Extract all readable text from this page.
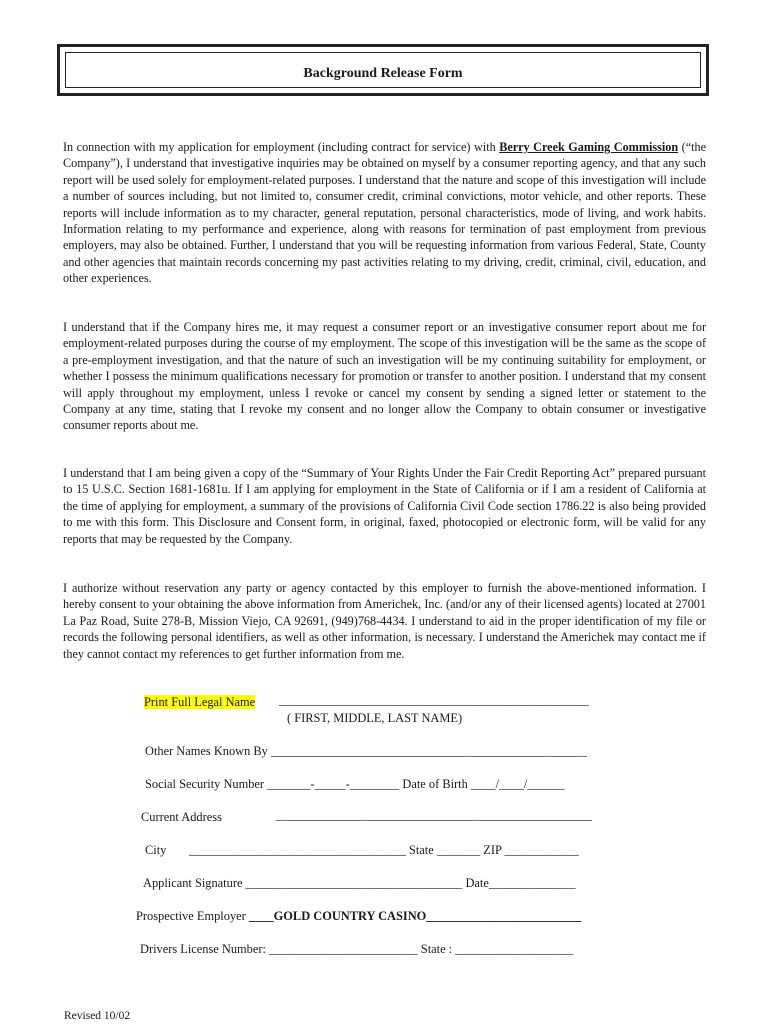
Background Release Form

In connection with my application for employment (including contract for service) with Berry Creek Gaming Commission (“the Company”), I understand that investigative inquiries may be obtained on myself by a consumer reporting agency, and that any such report will be used solely for employment-related purposes. I understand that the nature and scope of this investigation will include a number of sources including, but not limited to, consumer credit, criminal convictions, motor vehicle, and other reports. These reports will include information as to my character, general reputation, personal characteristics, mode of living, and work habits. Information relating to my performance and experience, along with reasons for termination of past employment from previous employers, may also be obtained. Further, I understand that you will be requesting information from various Federal, State, County and other agencies that maintain records concerning my past activities relating to my driving, credit, criminal, civil, education, and other experiences.

I understand that if the Company hires me, it may request a consumer report or an investigative consumer report about me for employment-related purposes during the course of my employment. The scope of this investigation will be the same as the scope of a pre-employment investigation, and that the nature of such an investigation will be my continuing suitability for employment, or whether I possess the minimum qualifications necessary for promotion or transfer to another position. I understand that my consent will apply throughout my employment, unless I revoke or cancel my consent by sending a signed letter or statement to the Company at any time, stating that I revoke my consent and no longer allow the Company to obtain consumer or investigative consumer reports about me.

I understand that I am being given a copy of the “Summary of Your Rights Under the Fair Credit Reporting Act” prepared pursuant to 15 U.S.C. Section 1681-1681u. If I am applying for employment in the State of California or if I am a resident of California at the time of applying for employment, a summary of the provisions of California Civil Code section 1786.22 is also being provided to me with this form. This Disclosure and Consent form, in original, faxed, photocopied or electronic form, will be valid for any reports that may be requested by the Company.

I authorize without reservation any party or agency contacted by this employer to furnish the above-mentioned information. I hereby consent to your obtaining the above information from Americhek, Inc. (and/or any of their licensed agents) located at 27001 La Paz Road, Suite 278-B, Mission Viejo, CA 92691, (949)768-4434. I understand to aid in the proper identification of my file or records the following personal identifiers, as well as other information, is necessary. I understand the Americhek may contact me if they cannot contact my references to get further information from me.

Print Full Legal Name __________________________________________________
( FIRST, MIDDLE, LAST NAME)
Other Names Known By ___________________________________________________
Social Security Number _______-_____-________ Date of Birth ____/____/______
Current Address	___________________________________________________
City ___________________________________ State _______ ZIP ____________
Applicant Signature ___________________________________ Date______________
Prospective Employer ____GOLD COUNTRY CASINO_________________________
Drivers License Number: ________________________ State : ___________________
Revised 10/02
